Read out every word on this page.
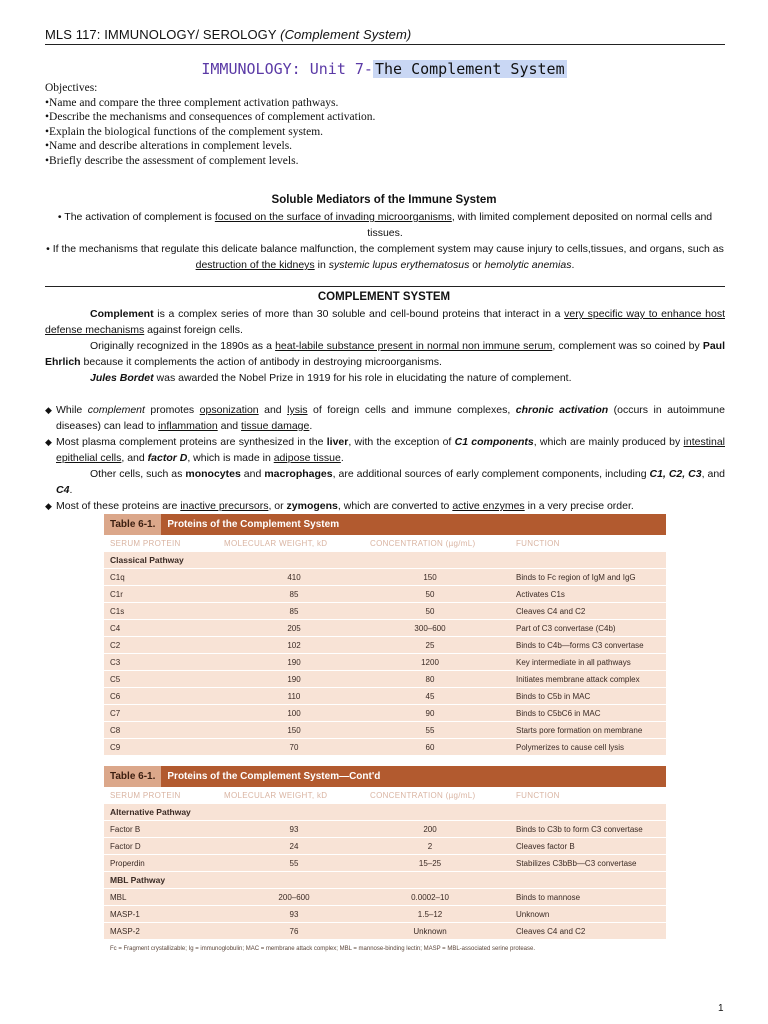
MLS 117: IMMUNOLOGY/ SEROLOGY (Complement System)
IMMUNOLOGY: Unit 7- The Complement System
Objectives:
• Name and compare the three complement activation pathways.
• Describe the mechanisms and consequences of complement activation.
• Explain the biological functions of the complement system.
• Name and describe alterations in complement levels.
• Briefly describe the assessment of complement levels.
Soluble Mediators of the Immune System
• The activation of complement is focused on the surface of invading microorganisms, with limited complement deposited on normal cells and tissues.
• If the mechanisms that regulate this delicate balance malfunction, the complement system may cause injury to cells,tissues, and organs, such as destruction of the kidneys in systemic lupus erythematosus or hemolytic anemias.
COMPLEMENT SYSTEM
Complement is a complex series of more than 30 soluble and cell-bound proteins that interact in a very specific way to enhance host defense mechanisms against foreign cells.
Originally recognized in the 1890s as a heat-labile substance present in normal non immune serum, complement was so coined by Paul Ehrlich because it complements the action of antibody in destroying microorganisms.
Jules Bordet was awarded the Nobel Prize in 1919 for his role in elucidating the nature of complement.
◆ While complement promotes opsonization and lysis of foreign cells and immune complexes, chronic activation (occurs in autoimmune diseases) can lead to inflammation and tissue damage.
◆ Most plasma complement proteins are synthesized in the liver, with the exception of C1 components, which are mainly produced by intestinal epithelial cells, and factor D, which is made in adipose tissue.
Other cells, such as monocytes and macrophages, are additional sources of early complement components, including C1, C2, C3, and C4.
◆ Most of these proteins are inactive precursors, or zymogens, which are converted to active enzymes in a very precise order.
Table 6-1. Proteins of the Complement System
SERUM PROTEIN	MOLECULAR WEIGHT, kD	CONCENTRATION (µg/mL)	FUNCTION
Classical Pathway
C1q	410	150	Binds to Fc region of IgM and IgG
C1r	85	50	Activates C1s
C1s	85	50	Cleaves C4 and C2
C4	205	300–600	Part of C3 convertase (C4b)
C2	102	25	Binds to C4b—forms C3 convertase
C3	190	1200	Key intermediate in all pathways
C5	190	80	Initiates membrane attack complex
C6	110	45	Binds to C5b in MAC
C7	100	90	Binds to C5bC6 in MAC
C8	150	55	Starts pore formation on membrane
C9	70	60	Polymerizes to cause cell lysis
Table 6-1. Proteins of the Complement System—Cont'd
SERUM PROTEIN	MOLECULAR WEIGHT, kD	CONCENTRATION (µg/mL)	FUNCTION
Alternative Pathway
Factor B	93	200	Binds to C3b to form C3 convertase
Factor D	24	2	Cleaves factor B
Properdin	55	15–25	Stabilizes C3bBb—C3 convertase
MBL Pathway
MBL	200–600	0.0002–10	Binds to mannose
MASP-1	93	1.5–12	Unknown
MASP-2	76	Unknown	Cleaves C4 and C2
Fc = Fragment crystallizable; Ig = immunoglobulin; MAC = membrane attack complex; MBL = mannose-binding lectin; MASP = MBL-associated serine protease.
1
